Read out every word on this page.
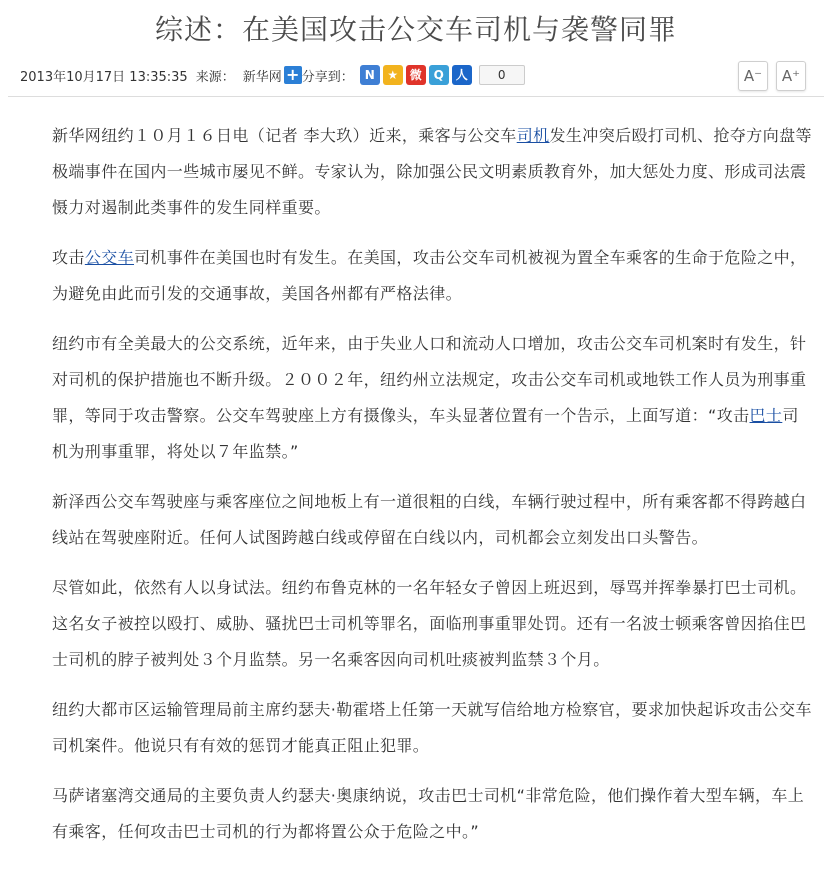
综述：在美国攻击公交车司机与袭警同罪
2013年10月17日 13:35:35 来源： 新华网 + 分享到： N	★ 微 Q 人	0	A⁻	A⁺

新华网纽约１０月１６日电（记者 李大玖）近来，乘客与公交车司机发生冲突后殴打司机、抢夺方向盘等极端事件在国内一些城市屡见不鲜。专家认为，除加强公民文明素质教育外，加大惩处力度、形成司法震慑力对遏制此类事件的发生同样重要。

攻击公交车司机事件在美国也时有发生。在美国，攻击公交车司机被视为置全车乘客的生命于危险之中，为避免由此而引发的交通事故，美国各州都有严格法律。

纽约市有全美最大的公交系统，近年来，由于失业人口和流动人口增加，攻击公交车司机案时有发生，针对司机的保护措施也不断升级。２００２年，纽约州立法规定，攻击公交车司机或地铁工作人员为刑事重罪，等同于攻击警察。公交车驾驶座上方有摄像头，车头显著位置有一个告示，上面写道：“攻击巴士司机为刑事重罪，将处以７年监禁。”

新泽西公交车驾驶座与乘客座位之间地板上有一道很粗的白线，车辆行驶过程中，所有乘客都不得跨越白线站在驾驶座附近。任何人试图跨越白线或停留在白线以内，司机都会立刻发出口头警告。

尽管如此，依然有人以身试法。纽约布鲁克林的一名年轻女子曾因上班迟到，辱骂并挥拳暴打巴士司机。这名女子被控以殴打、威胁、骚扰巴士司机等罪名，面临刑事重罪处罚。还有一名波士顿乘客曾因掐住巴士司机的脖子被判处３个月监禁。另一名乘客因向司机吐痰被判监禁３个月。

纽约大都市区运输管理局前主席约瑟夫·勒霍塔上任第一天就写信给地方检察官，要求加快起诉攻击公交车司机案件。他说只有有效的惩罚才能真正阻止犯罪。

马萨诸塞湾交通局的主要负责人约瑟夫·奥康纳说，攻击巴士司机“非常危险，他们操作着大型车辆，车上有乘客，任何攻击巴士司机的行为都将置公众于危险之中。”
